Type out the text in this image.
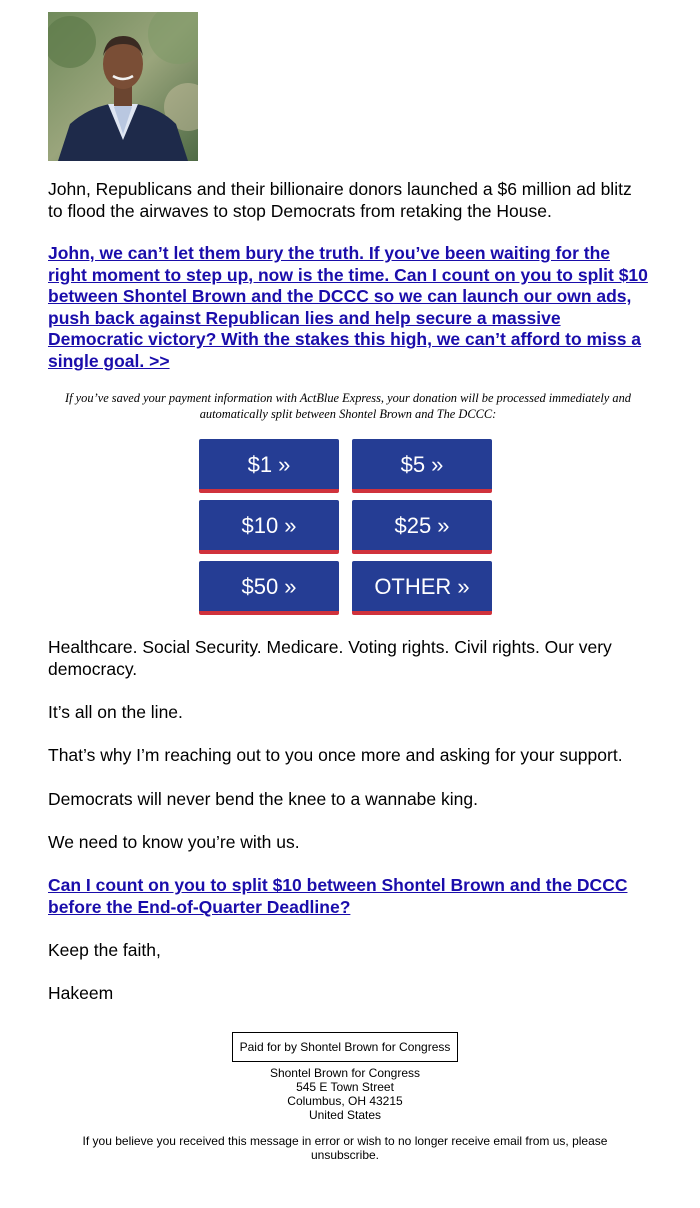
John, Republicans and their billionaire donors launched a $6 million ad blitz to flood the airwaves to stop Democrats from retaking the House.

John, we can’t let them bury the truth. If you’ve been waiting for the right moment to step up, now is the time. Can I count on you to split $10 between Shontel Brown and the DCCC so we can launch our own ads, push back against Republican lies and help secure a massive Democratic victory? With the stakes this high, we can’t afford to miss a single goal. >>
If you’ve saved your payment information with ActBlue Express, your donation will be processed immediately and automatically split between Shontel Brown and The DCCC:
$1 »	$5 »
$10 »	$25 »
$50 »	OTHER »

Healthcare. Social Security. Medicare. Voting rights. Civil rights. Our very democracy.

It’s all on the line.

That’s why I’m reaching out to you once more and asking for your support.

Democrats will never bend the knee to a wannabe king.

We need to know you’re with us.

Can I count on you to split $10 between Shontel Brown and the DCCC before the End-of-Quarter Deadline?

Keep the faith,

Hakeem

Paid for by Shontel Brown for Congress
Shontel Brown for Congress
545 E Town Street
Columbus, OH 43215
United States
If you believe you received this message in error or wish to no longer receive email from us, please unsubscribe.
